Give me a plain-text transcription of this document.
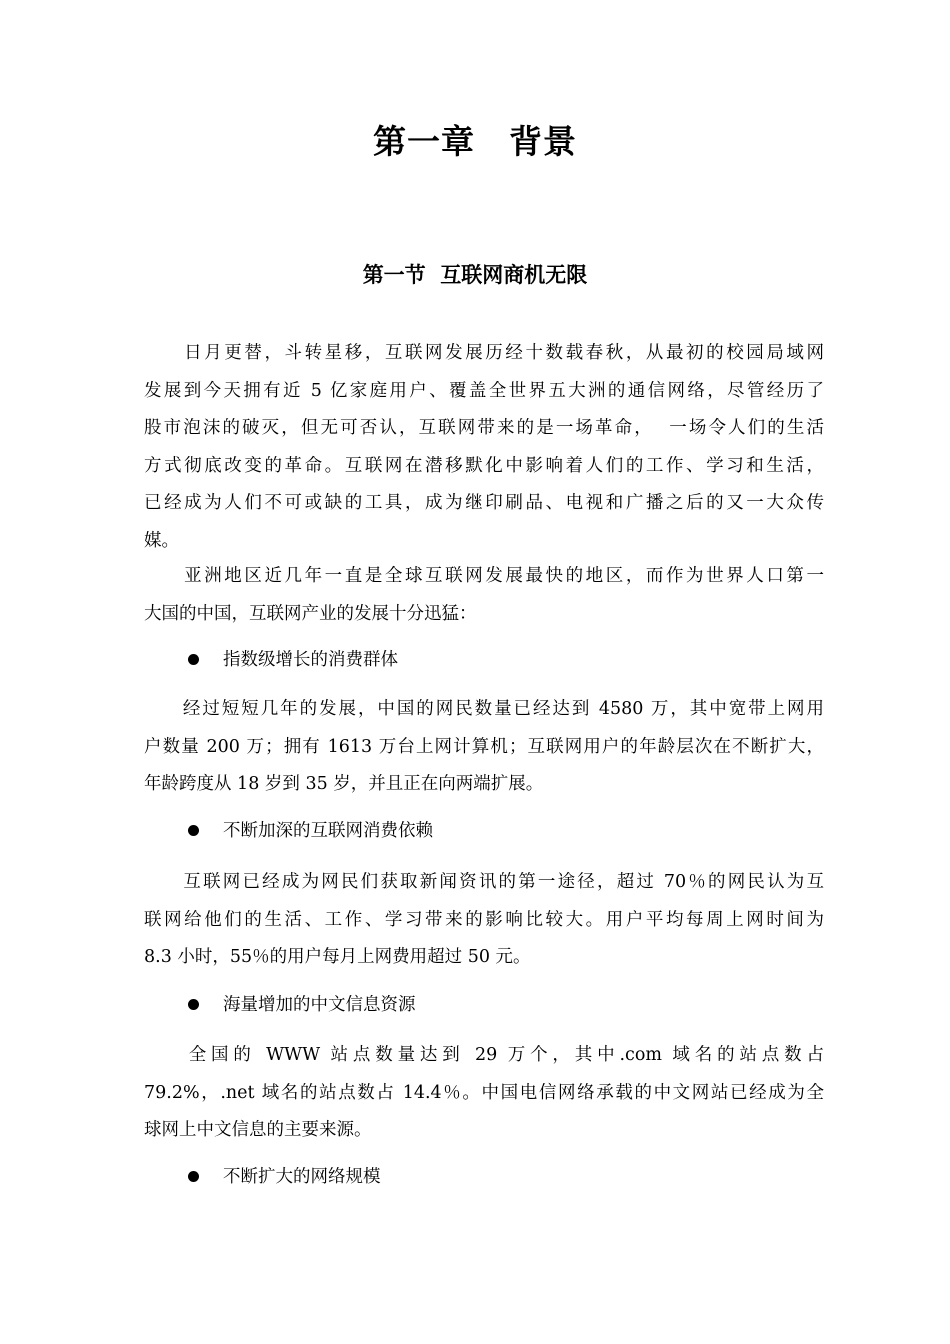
第一章　背景
第一节  互联网商机无限
　　日月更替，斗转星移，互联网发展历经十数载春秋，从最初的校园局域网
发展到今天拥有近 5 亿家庭用户、覆盖全世界五大洲的通信网络，尽管经历了
股市泡沫的破灭，但无可否认，互联网带来的是一场革命，  一场令人们的生活
方式彻底改变的革命。互联网在潜移默化中影响着人们的工作、学习和生活，
已经成为人们不可或缺的工具，成为继印刷品、电视和广播之后的又一大众传
媒。
　　亚洲地区近几年一直是全球互联网发展最快的地区，而作为世界人口第一
大国的中国，互联网产业的发展十分迅猛：

指数级增长的消费群体

　　经过短短几年的发展，中国的网民数量已经达到 4580 万，其中宽带上网用
户数量 200 万；拥有 1613 万台上网计算机；互联网用户的年龄层次在不断扩大，
年龄跨度从 18 岁到 35 岁，并且正在向两端扩展。

不断加深的互联网消费依赖

　　互联网已经成为网民们获取新闻资讯的第一途径，超过 70％的网民认为互
联网给他们的生活、工作、学习带来的影响比较大。用户平均每周上网时间为
8.3 小时，55％的用户每月上网费用超过 50 元。

海量增加的中文信息资源

　　全国的 WWW 站点数量达到 29 万个，其中.com 域名的站点数占
79.2%，.net 域名的站点数占 14.4％。中国电信网络承载的中文网站已经成为全
球网上中文信息的主要来源。

不断扩大的网络规模
